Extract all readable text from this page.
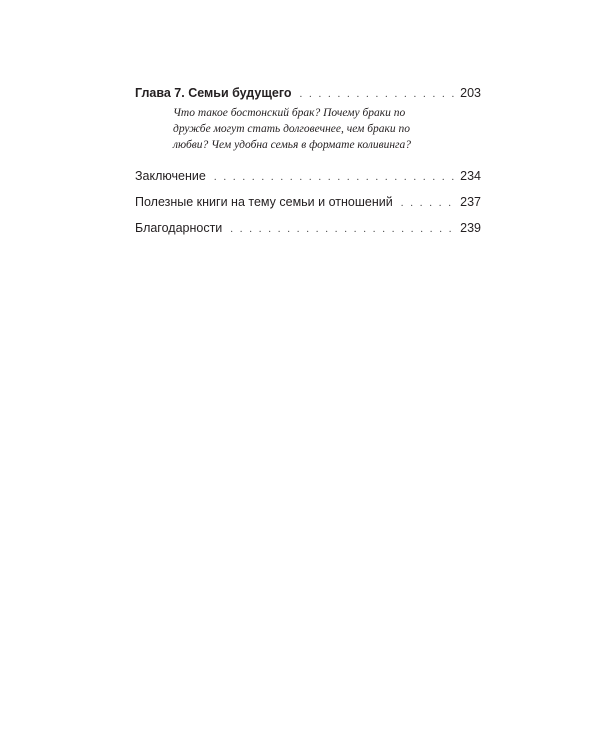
Глава 7. Семьи будущего . . .	203
Что такое бостонский брак? Почему браки по
дружбе могут стать долговечнее, чем браки по
любви? Чем удобна семья в формате коливинга?
Заключение . . .	234
Полезные книги на тему семьи и отношений . . .	237
Благодарности . . .	239
